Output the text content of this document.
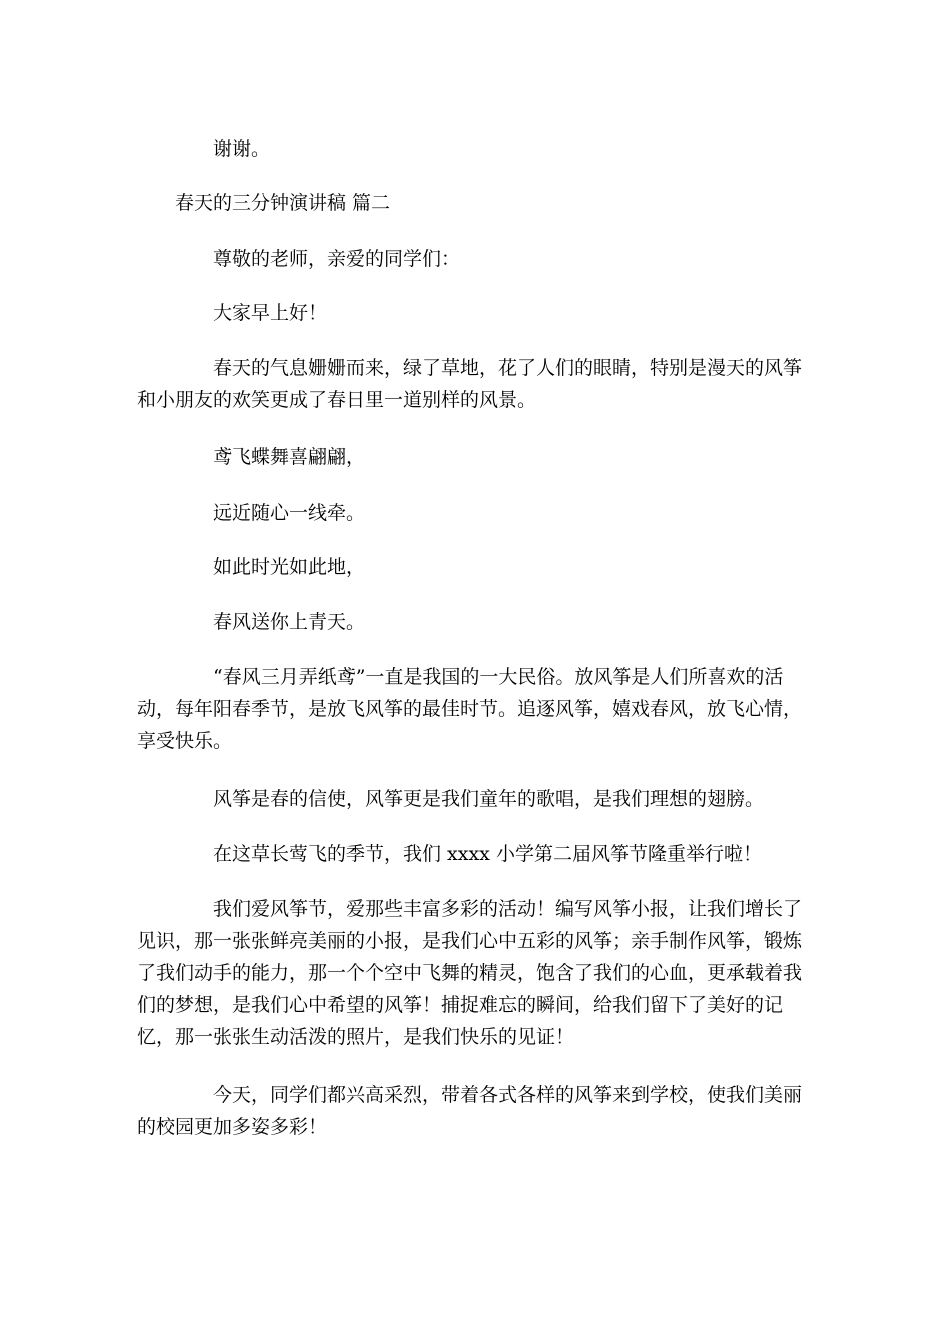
谢谢。

春天的三分钟演讲稿 篇二

尊敬的老师，亲爱的同学们：

大家早上好！

春天的气息姗姗而来，绿了草地，花了人们的眼睛，特别是漫天的风筝和小朋友的欢笑更成了春日里一道别样的风景。

鸢飞蝶舞喜翩翩，

远近随心一线牵。

如此时光如此地，

春风送你上青天。

“春风三月弄纸鸢”一直是我国的一大民俗。放风筝是人们所喜欢的活动，每年阳春季节，是放飞风筝的最佳时节。追逐风筝，嬉戏春风，放飞心情，享受快乐。

风筝是春的信使，风筝更是我们童年的歌唱，是我们理想的翅膀。

在这草长莺飞的季节，我们 xxxx 小学第二届风筝节隆重举行啦！

我们爱风筝节，爱那些丰富多彩的活动！编写风筝小报，让我们增长了见识，那一张张鲜亮美丽的小报，是我们心中五彩的风筝；亲手制作风筝，锻炼了我们动手的能力，那一个个空中飞舞的精灵，饱含了我们的心血，更承载着我们的梦想，是我们心中希望的风筝！捕捉难忘的瞬间，给我们留下了美好的记忆，那一张张生动活泼的照片，是我们快乐的见证！

今天，同学们都兴高采烈，带着各式各样的风筝来到学校，使我们美丽的校园更加多姿多彩！
